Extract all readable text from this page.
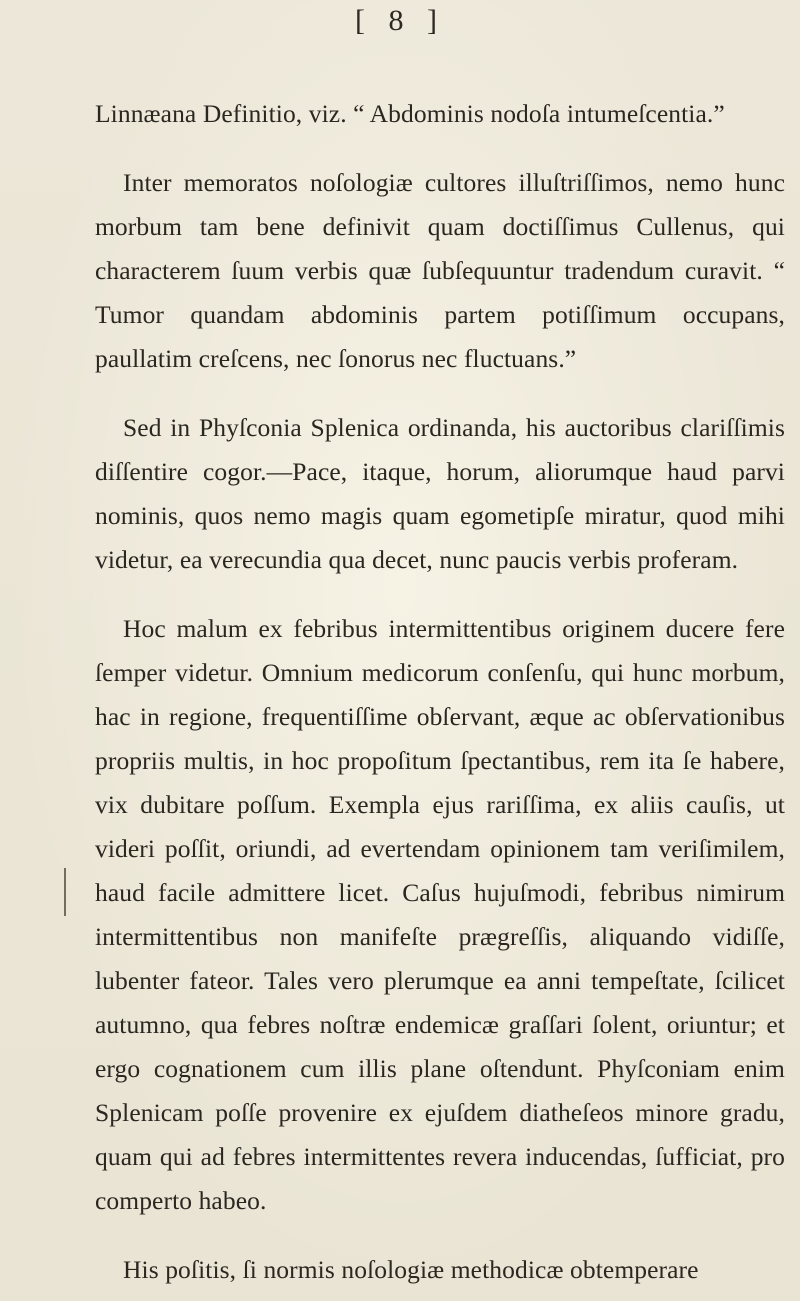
[ 8 ]

Linnæana Definitio, viz. “ Abdominis nodoſa intumeſcentia.”

Inter memoratos noſologiæ cultores illuſtriſſimos, nemo hunc morbum tam bene definivit quam doctiſſimus Cullenus, qui characterem ſuum verbis quæ ſubſequuntur tradendum curavit. “ Tumor quandam abdominis partem potiſſimum occupans, paullatim creſcens, nec ſonorus nec fluctuans.”

Sed in Phyſconia Splenica ordinanda, his auctoribus clariſſimis diſſentire cogor.—Pace, itaque, horum, aliorumque haud parvi nominis, quos nemo magis quam egometipſe miratur, quod mihi videtur, ea verecundia qua decet, nunc paucis verbis proferam.

Hoc malum ex febribus intermittentibus originem ducere fere ſemper videtur. Omnium medicorum conſenſu, qui hunc morbum, hac in regione, frequentiſſime obſervant, æque ac obſervationibus propriis multis, in hoc propoſitum ſpectantibus, rem ita ſe habere, vix dubitare poſſum. Exempla ejus rariſſima, ex aliis cauſis, ut videri poſſit, oriundi, ad evertendam opinionem tam veriſimilem, haud facile admittere licet. Caſus hujuſmodi, febribus nimirum intermittentibus non manifeſte prægreſſis, aliquando vidiſſe, lubenter fateor. Tales vero plerumque ea anni tempeſtate, ſcilicet autumno, qua febres noſtræ endemicæ graſſari ſolent, oriuntur; et ergo cognationem cum illis plane oſtendunt. Phyſconiam enim Splenicam poſſe provenire ex ejuſdem diatheſeos minore gradu, quam qui ad febres intermittentes revera inducendas, ſufficiat, pro comperto habeo.

His poſitis, ſi normis noſologiæ methodicæ obtemperare
